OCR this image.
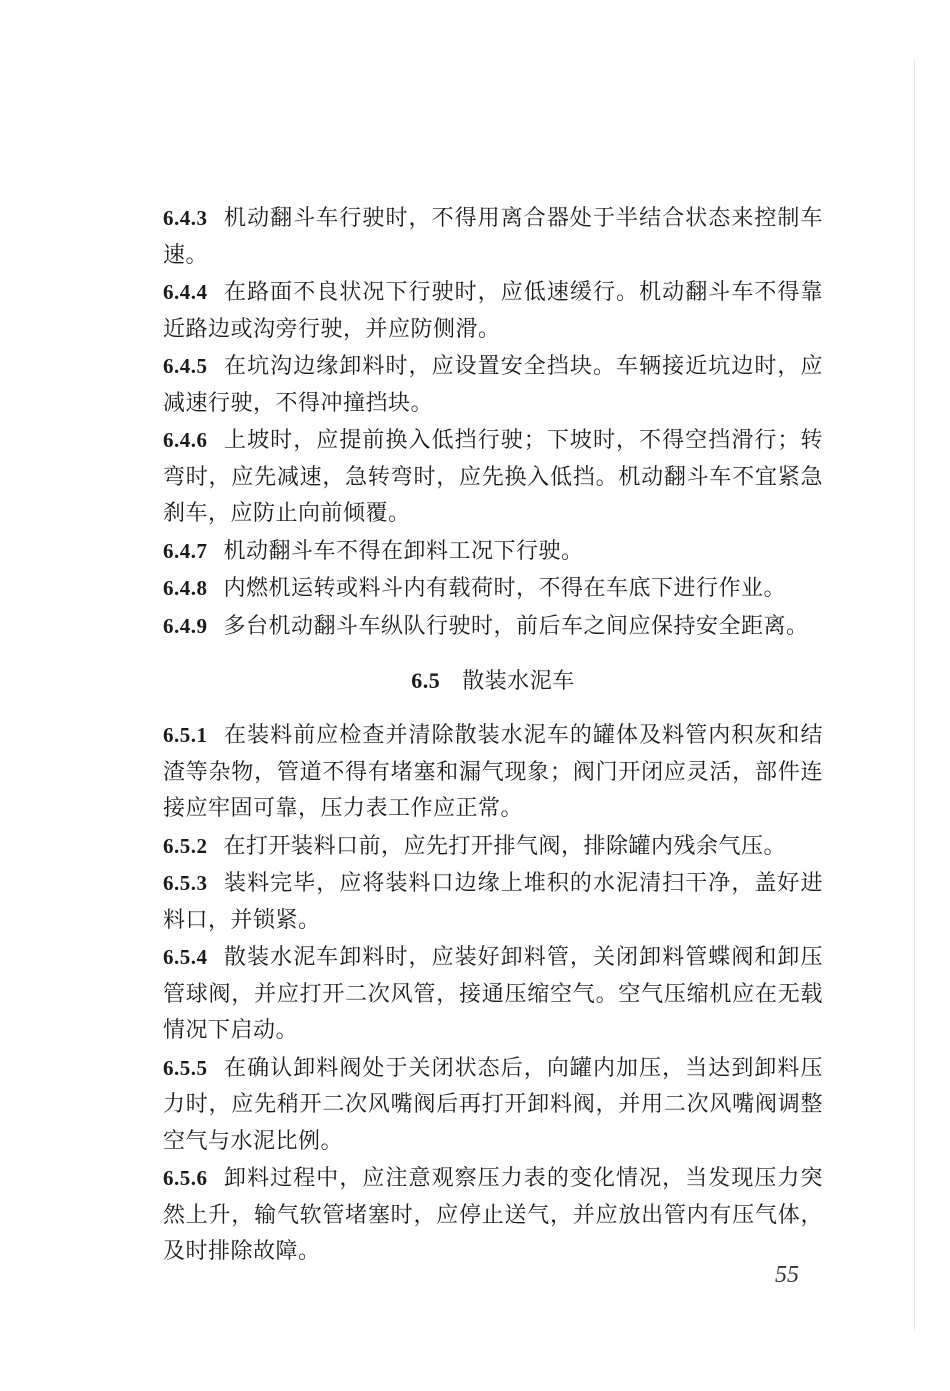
6.4.3 机动翻斗车行驶时，不得用离合器处于半结合状态来控制车速。

6.4.4 在路面不良状况下行驶时，应低速缓行。机动翻斗车不得靠近路边或沟旁行驶，并应防侧滑。

6.4.5 在坑沟边缘卸料时，应设置安全挡块。车辆接近坑边时，应减速行驶，不得冲撞挡块。

6.4.6 上坡时，应提前换入低挡行驶；下坡时，不得空挡滑行；转弯时，应先减速，急转弯时，应先换入低挡。机动翻斗车不宜紧急刹车，应防止向前倾覆。

6.4.7 机动翻斗车不得在卸料工况下行驶。

6.4.8 内燃机运转或料斗内有载荷时，不得在车底下进行作业。

6.4.9 多台机动翻斗车纵队行驶时，前后车之间应保持安全距离。

6.5 散装水泥车

6.5.1 在装料前应检查并清除散装水泥车的罐体及料管内积灰和结渣等杂物，管道不得有堵塞和漏气现象；阀门开闭应灵活，部件连接应牢固可靠，压力表工作应正常。

6.5.2 在打开装料口前，应先打开排气阀，排除罐内残余气压。

6.5.3 装料完毕，应将装料口边缘上堆积的水泥清扫干净，盖好进料口，并锁紧。

6.5.4 散装水泥车卸料时，应装好卸料管，关闭卸料管蝶阀和卸压管球阀，并应打开二次风管，接通压缩空气。空气压缩机应在无载情况下启动。

6.5.5 在确认卸料阀处于关闭状态后，向罐内加压，当达到卸料压力时，应先稍开二次风嘴阀后再打开卸料阀，并用二次风嘴阀调整空气与水泥比例。

6.5.6 卸料过程中，应注意观察压力表的变化情况，当发现压力突然上升，输气软管堵塞时，应停止送气，并应放出管内有压气体，及时排除故障。

55
